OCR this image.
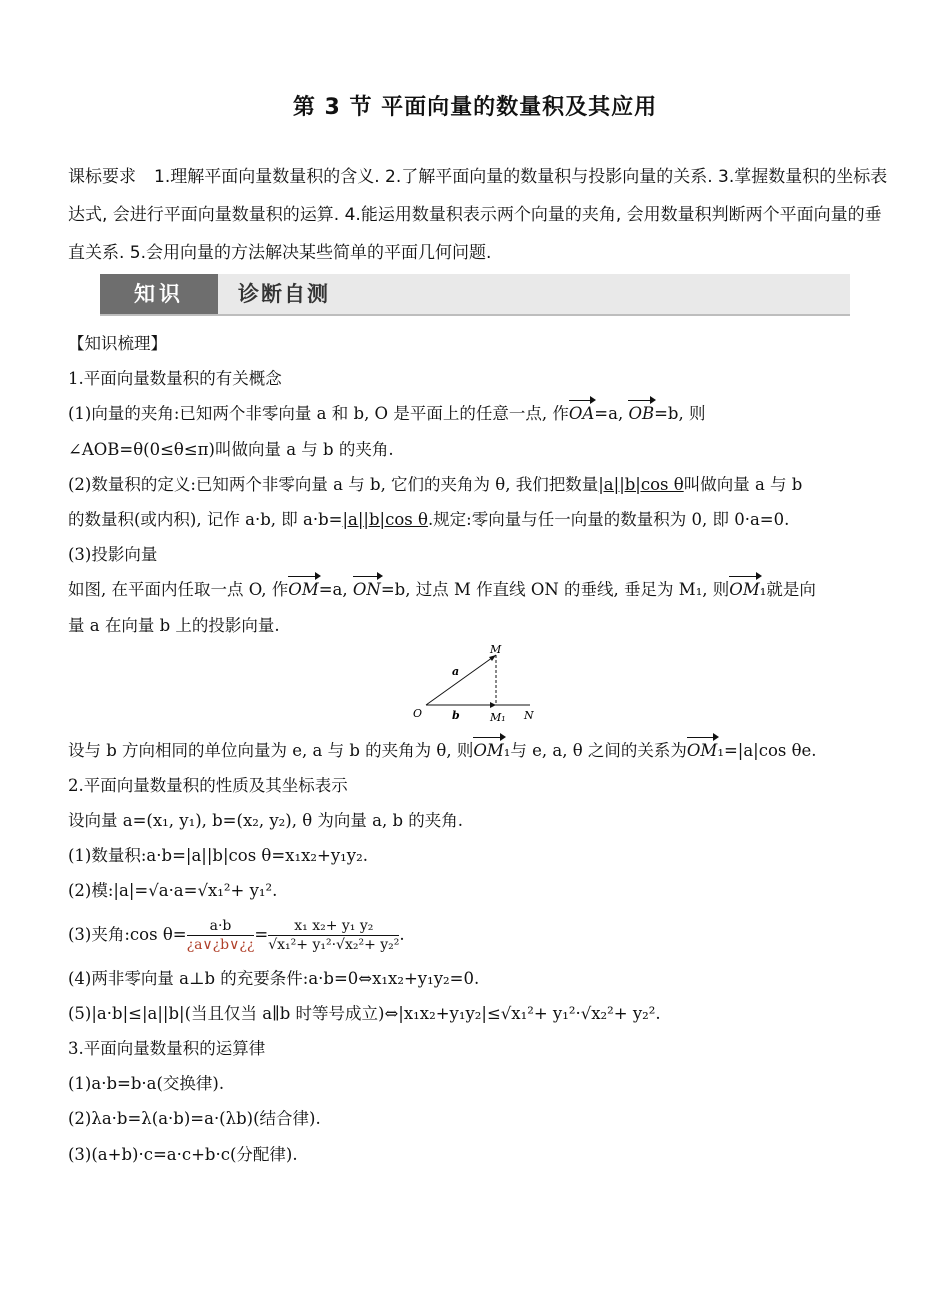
第 3 节 平面向量的数量积及其应用
课标要求 1.理解平面向量数量积的含义. 2.了解平面向量的数量积与投影向量的关系. 3.掌握数量积的坐标表达式, 会进行平面向量数量积的运算. 4.能运用数量积表示两个向量的夹角, 会用数量积判断两个平面向量的垂直关系. 5.会用向量的方法解决某些简单的平面几何问题.
知识	诊断自测
【知识梳理】
1.平面向量数量积的有关概念
(1)向量的夹角:已知两个非零向量 a 和 b, O 是平面上的任意一点, 作OA=a, OB=b, 则
∠AOB=θ(0≤θ≤π)叫做向量 a 与 b 的夹角.
(2)数量积的定义:已知两个非零向量 a 与 b, 它们的夹角为 θ, 我们把数量|a||b|cos θ叫做向量 a 与 b
的数量积(或内积), 记作 a·b, 即 a·b=|a||b|cos θ.规定:零向量与任一向量的数量积为 0, 即 0·a=0.
(3)投影向量
如图, 在平面内任取一点 O, 作OM=a, ON=b, 过点 M 作直线 ON 的垂线, 垂足为 M₁, 则OM₁就是向
量 a 在向量 b 上的投影向量.
M
O	N
M₁
a
b
设与 b 方向相同的单位向量为 e, a 与 b 的夹角为 θ, 则OM₁与 e, a, θ 之间的关系为OM₁=|a|cos θe.
2.平面向量数量积的性质及其坐标表示
设向量 a=(x₁, y₁), b=(x₂, y₂), θ 为向量 a, b 的夹角.
(1)数量积:a·b=|a||b|cos θ=x₁x₂+y₁y₂.
(2)模:|a|=√a·a=√x₁²+ y₁².
(3)夹角:cos $\theta= \frac{a\cdot b}{¿a\vee¿b\vee¿¿} = \frac{\text{x₁ x₂+ y₁ y₂}}{\text{√x₁²+ y₁²·√x₂²+ y₂²}}$ .
(4)两非零向量 a⊥b 的充要条件:a·b=0⇔x₁x₂+y₁y₂=0.
(5)|a·b|≤|a||b|(当且仅当 a∥b 时等号成立)⇔|x₁x₂+y₁y₂|≤√x₁²+ y₁²·√x₂²+ y₂².
3.平面向量数量积的运算律
(1)a·b=b·a(交换律).
(2)λa·b=λ(a·b)=a·(λb)(结合律).
(3)(a+b)·c=a·c+b·c(分配律).
